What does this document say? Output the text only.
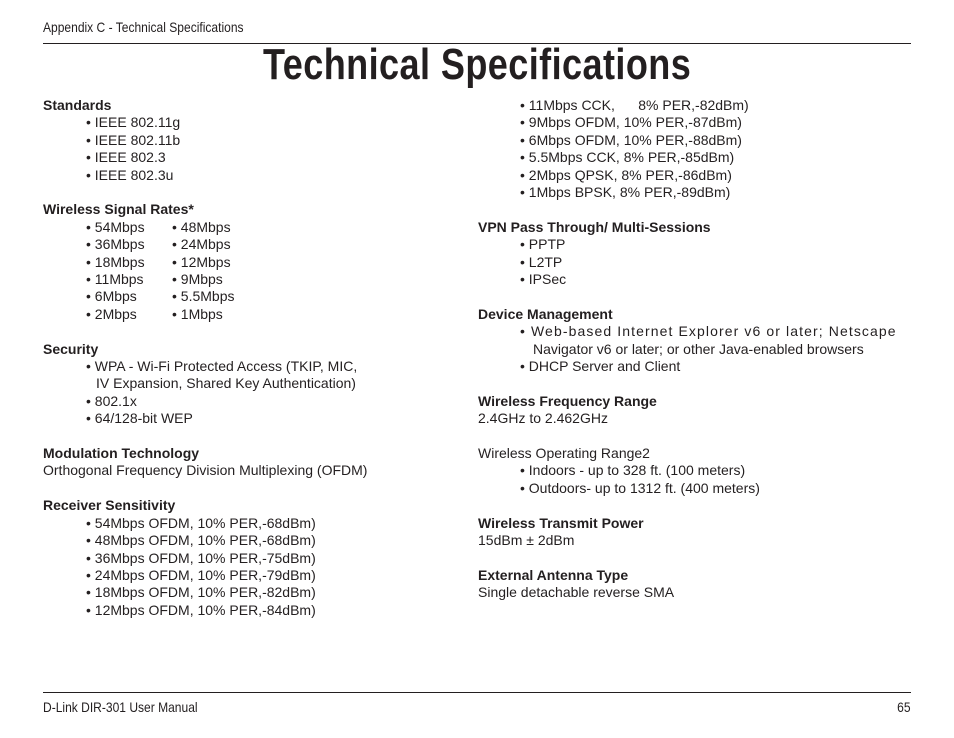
Appendix C - Technical Specifications
Technical Specifications
Standards
• IEEE 802.11g
• IEEE 802.11b
• IEEE 802.3
• IEEE 802.3u
Wireless Signal Rates*
• 54Mbps	• 48Mbps
• 36Mbps	• 24Mbps
• 18Mbps	• 12Mbps
• 11Mbps	• 9Mbps
• 6Mbps	• 5.5Mbps
• 2Mbps	• 1Mbps
Security
• WPA - Wi-Fi Protected Access (TKIP, MIC,
IV Expansion, Shared Key Authentication)
• 802.1x
• 64/128-bit WEP
Modulation Technology
Orthogonal Frequency Division Multiplexing (OFDM)
Receiver Sensitivity
• 54Mbps OFDM, 10% PER,-68dBm)
• 48Mbps OFDM, 10% PER,-68dBm)
• 36Mbps OFDM, 10% PER,-75dBm)
• 24Mbps OFDM, 10% PER,-79dBm)
• 18Mbps OFDM, 10% PER,-82dBm)
• 12Mbps OFDM, 10% PER,-84dBm)
• 11Mbps CCK,      8% PER,-82dBm)
• 9Mbps OFDM, 10% PER,-87dBm)
• 6Mbps OFDM, 10% PER,-88dBm)
• 5.5Mbps CCK, 8% PER,-85dBm)
• 2Mbps QPSK, 8% PER,-86dBm)
• 1Mbps BPSK, 8% PER,-89dBm)
VPN Pass Through/ Multi-Sessions
• PPTP
• L2TP
• IPSec
Device Management
• Web-based Internet Explorer v6 or later; Netscape
Navigator v6 or later; or other Java-enabled browsers
• DHCP Server and Client
Wireless Frequency Range
2.4GHz to 2.462GHz
Wireless Operating Range2
• Indoors - up to 328 ft. (100 meters)
• Outdoors- up to 1312 ft. (400 meters)
Wireless Transmit Power
15dBm ± 2dBm
External Antenna Type
Single detachable reverse SMA
D-Link DIR-301 User Manual	65
